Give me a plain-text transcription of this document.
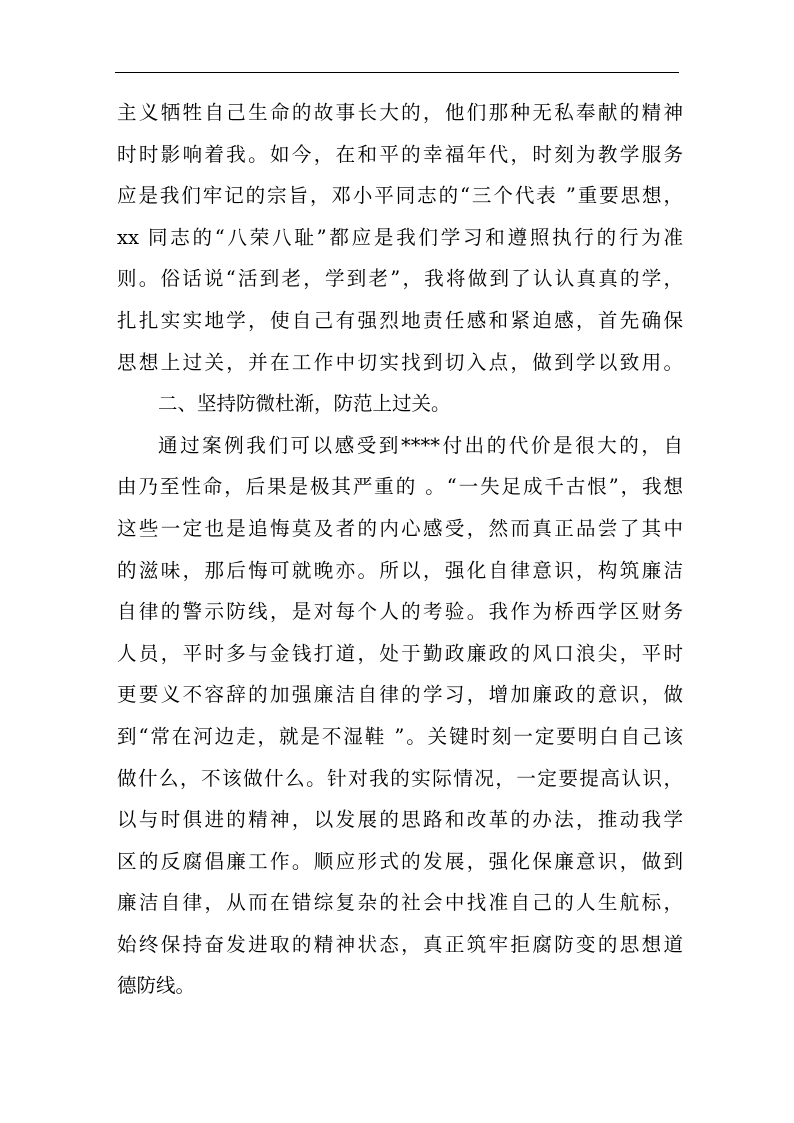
主义牺牲自己生命的故事长大的，他们那种无私奉献的精神
时时影响着我。如今，在和平的幸福年代，时刻为教学服务
应是我们牢记的宗旨，邓小平同志的“三个代表 ”重要思想，
xx 同志的“八荣八耻”都应是我们学习和遵照执行的行为准
则。俗话说“活到老，学到老”，我将做到了认认真真的学，
扎扎实实地学，使自己有强烈地责任感和紧迫感，首先确保
思想上过关，并在工作中切实找到切入点，做到学以致用。
二、坚持防微杜渐，防范上过关。
通过案例我们可以感受到****付出的代价是很大的，自
由乃至性命，后果是极其严重的 。“一失足成千古恨”，我想
这些一定也是追悔莫及者的内心感受，然而真正品尝了其中
的滋味，那后悔可就晚亦。所以，强化自律意识，构筑廉洁
自律的警示防线，是对每个人的考验。我作为桥西学区财务
人员，平时多与金钱打道，处于勤政廉政的风口浪尖，平时
更要义不容辞的加强廉洁自律的学习，增加廉政的意识，做
到“常在河边走，就是不湿鞋 ”。关键时刻一定要明白自己该
做什么，不该做什么。针对我的实际情况，一定要提高认识，
以与时俱进的精神，以发展的思路和改革的办法，推动我学
区的反腐倡廉工作。顺应形式的发展，强化保廉意识，做到
廉洁自律，从而在错综复杂的社会中找准自己的人生航标，
始终保持奋发进取的精神状态，真正筑牢拒腐防变的思想道
德防线。
